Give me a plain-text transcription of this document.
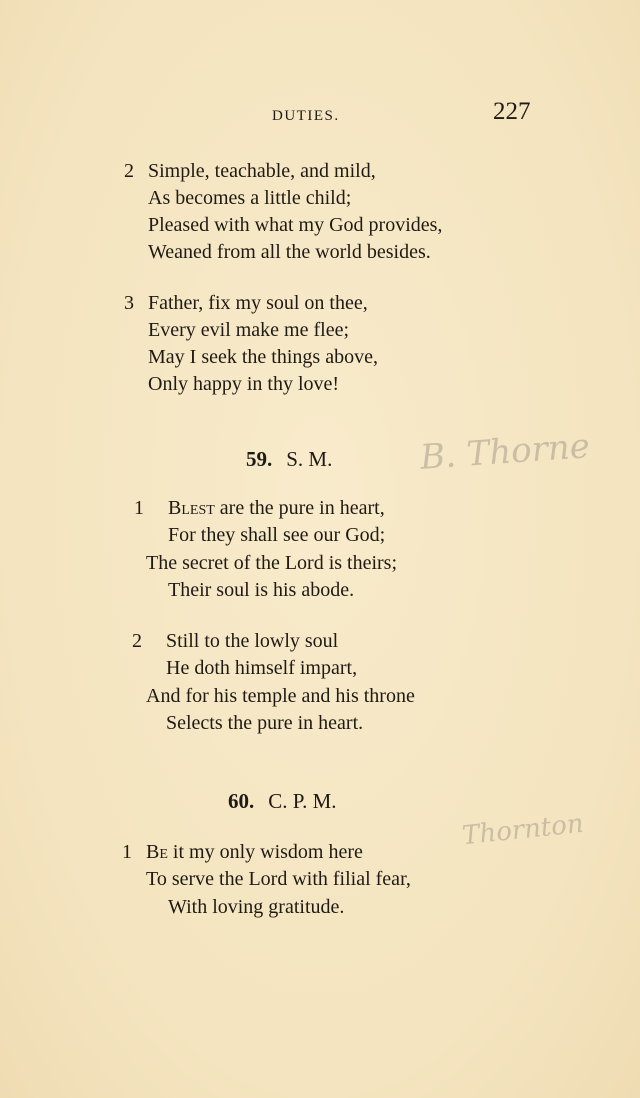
DUTIES.	227
2 Simple, teachable, and mild,
As becomes a little child;
Pleased with what my God provides,
Weaned from all the world besides.
3 Father, fix my soul on thee,
Every evil make me flee;
May I seek the things above,
Only happy in thy love!
59. S. M.
1 Blest are the pure in heart,
For they shall see our God;
The secret of the Lord is theirs;
Their soul is his abode.
2 Still to the lowly soul
He doth himself impart,
And for his temple and his throne
Selects the pure in heart.
60. C. P. M.
1 Be it my only wisdom here
To serve the Lord with filial fear,
With loving gratitude.
B. Thorne
Thornton
